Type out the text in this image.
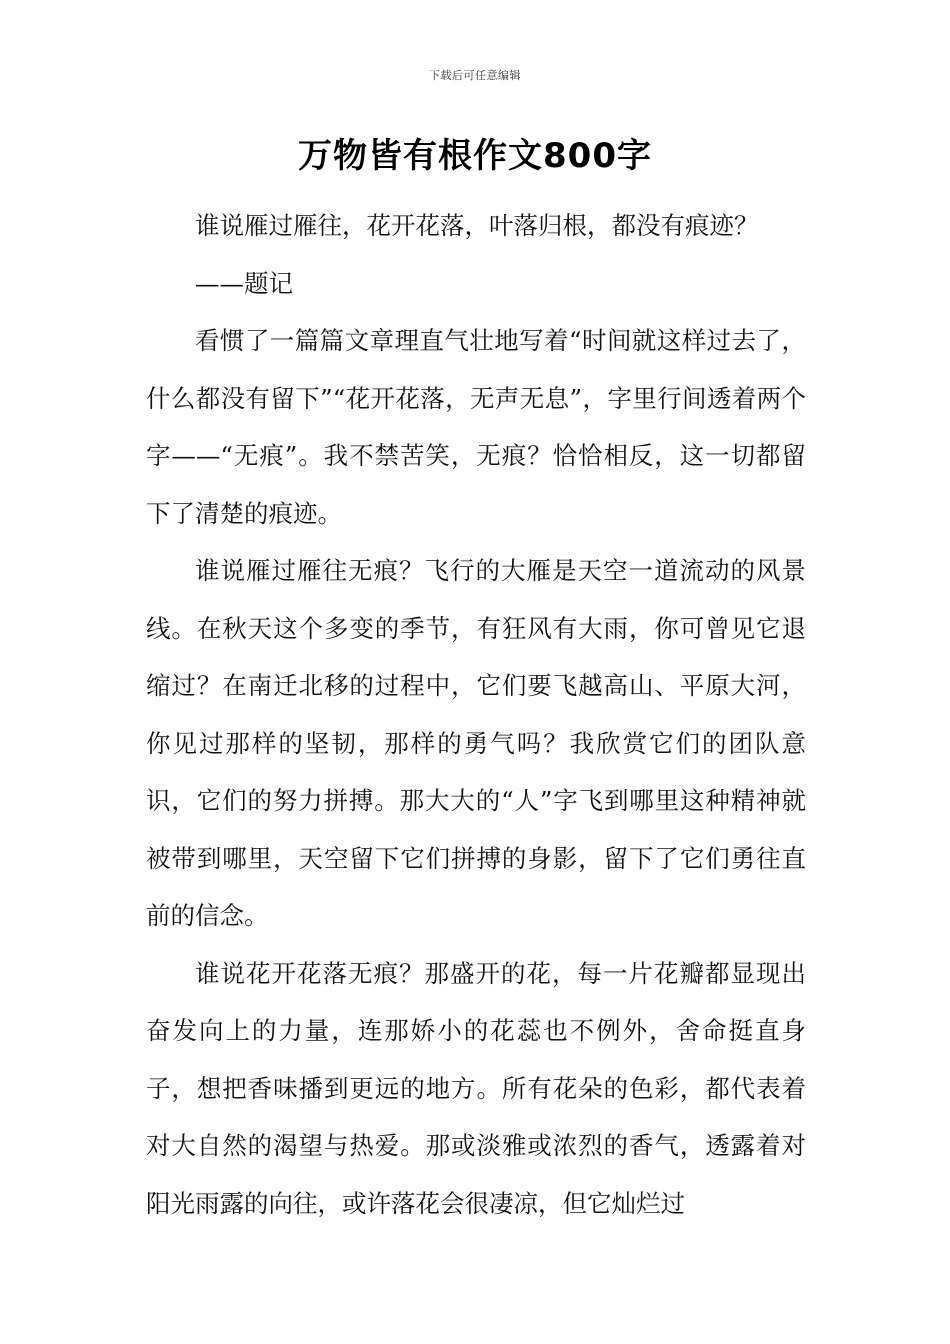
下载后可任意编辑
万物皆有根作文800字

谁说雁过雁往，花开花落，叶落归根，都没有痕迹？

——题记

看惯了一篇篇文章理直气壮地写着“时间就这样过去了，什么都没有留下”“花开花落，无声无息”，字里行间透着两个字——“无痕”。我不禁苦笑，无痕？恰恰相反，这一切都留下了清楚的痕迹。

谁说雁过雁往无痕？飞行的大雁是天空一道流动的风景线。在秋天这个多变的季节，有狂风有大雨，你可曾见它退缩过？在南迁北移的过程中，它们要飞越高山、平原大河，你见过那样的坚韧，那样的勇气吗？我欣赏它们的团队意识，它们的努力拼搏。那大大的“人”字飞到哪里这种精神就被带到哪里，天空留下它们拼搏的身影，留下了它们勇往直前的信念。

谁说花开花落无痕？那盛开的花，每一片花瓣都显现出奋发向上的力量，连那娇小的花蕊也不例外，舍命挺直身子，想把香味播到更远的地方。所有花朵的色彩，都代表着对大自然的渴望与热爱。那或淡雅或浓烈的香气，透露着对阳光雨露的向往，或许落花会很凄凉，但它灿烂过
